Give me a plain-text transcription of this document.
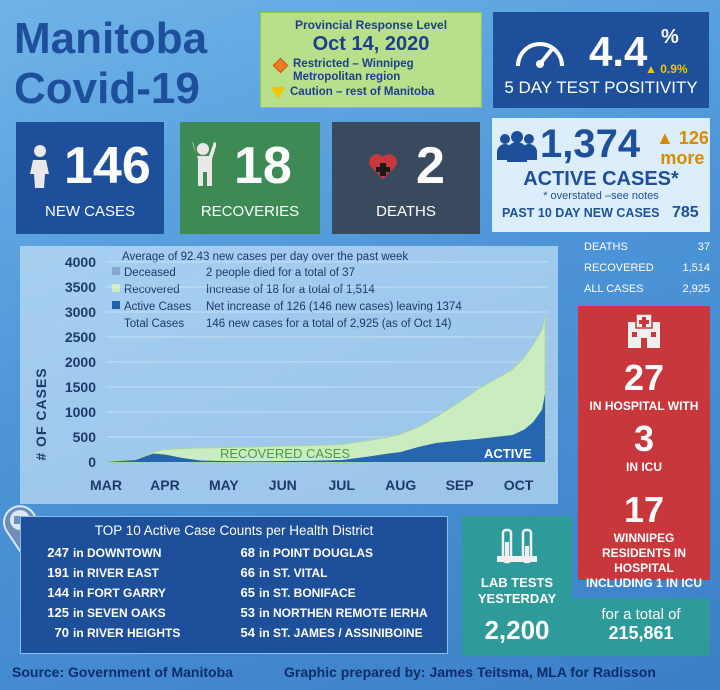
Manitoba
Covid-19
Provincial Response Level
Oct 14, 2020
Restricted – Winnipeg Metropolitan region
Caution – rest of Manitoba
4.4 %
▲ 0.9%
5 DAY TEST POSITIVITY
146
NEW CASES
18
RECOVERIES
2
DEATHS
1,374 ▲ 126
more
ACTIVE CASES*
* overstated –see notes
PAST 10 DAY NEW CASES 785
DEATHS	37
RECOVERED	1,514
ALL CASES	2,925
Average of 92.43 new cases per day over the past week
Deceased	2 people died for a total of 37
Recovered Increase of 18 for a total of 1,514
Active Cases Net increase of 126 (146 new cases) leaving 1374
Total Cases 146 new cases for a total of 2,925 (as of Oct 14)
0
500
1000
1500
2000
2500
3000
3500
4000
MAR APR MAY JUN JUL AUG SEP OCT
# OF CASES	RECOVERED CASES	ACTIVE
27
IN HOSPITAL WITH
3
IN ICU
17
WINNIPEG RESIDENTS IN HOSPITAL INCLUDING 1 IN ICU
TOP 10 Active Case Counts per Health District
247 in DOWNTOWN
191 in RIVER EAST
144 in FORT GARRY
125 in SEVEN OAKS
70 in RIVER HEIGHTS
68 in POINT DOUGLAS
66 in ST. VITAL
65 in ST. BONIFACE
53 in NORTHEN REMOTE IERHA
54 in ST. JAMES / ASSINIBOINE
LAB TESTS YESTERDAY
2,200
for a total of
215,861
Source: Government of Manitoba	Graphic prepared by: James Teitsma, MLA for Radisson
